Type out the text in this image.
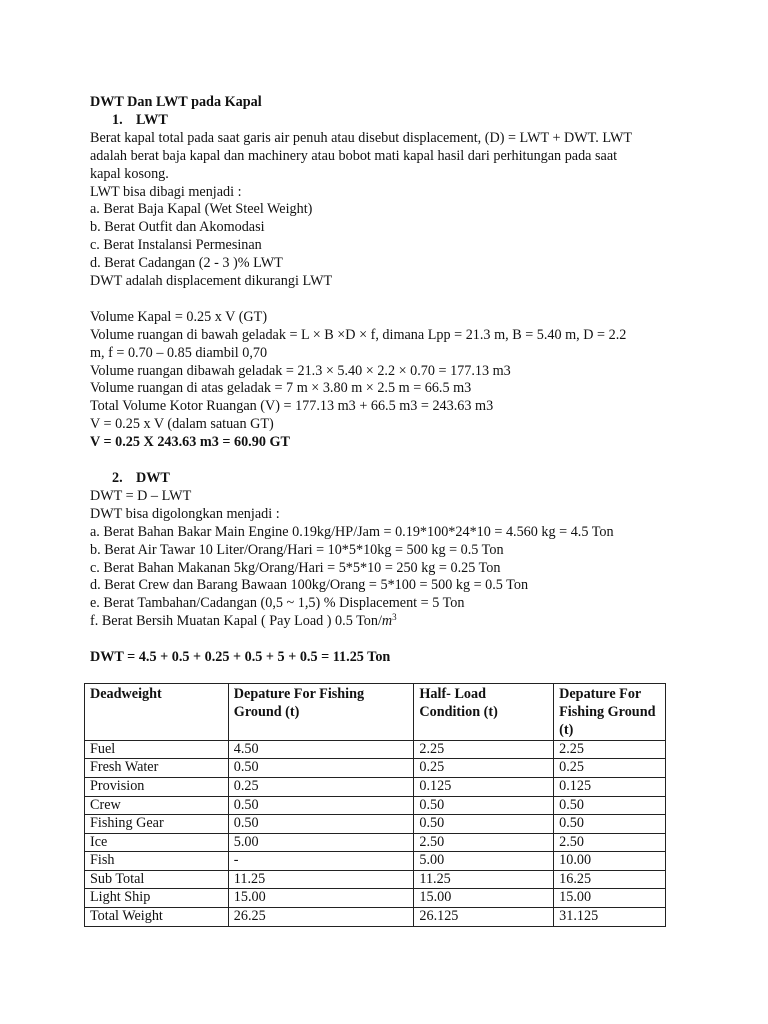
DWT Dan LWT pada Kapal

1. LWT

Berat kapal total pada saat garis air penuh atau disebut displacement, (D) = LWT + DWT. LWT

adalah berat baja kapal dan machinery atau bobot mati kapal hasil dari perhitungan pada saat

kapal kosong.

LWT bisa dibagi menjadi :

a. Berat Baja Kapal (Wet Steel Weight)

b. Berat Outfit dan Akomodasi

c. Berat Instalansi Permesinan

d. Berat Cadangan (2 - 3 )% LWT

DWT adalah displacement dikurangi LWT

Volume Kapal = 0.25 x V (GT)

Volume ruangan di bawah geladak = L × B ×D × f, dimana Lpp = 21.3 m, B = 5.40 m, D = 2.2

m, f = 0.70 – 0.85 diambil 0,70

Volume ruangan dibawah geladak = 21.3 × 5.40 × 2.2 × 0.70 = 177.13 m3

Volume ruangan di atas geladak = 7 m × 3.80 m × 2.5 m = 66.5 m3

Total Volume Kotor Ruangan (V) = 177.13 m3 + 66.5 m3 = 243.63 m3

V = 0.25 x V (dalam satuan GT)

V = 0.25 X 243.63 m3 = 60.90 GT

2. DWT

DWT = D – LWT

DWT bisa digolongkan menjadi :

a. Berat Bahan Bakar Main Engine 0.19kg/HP/Jam = 0.19*100*24*10 = 4.560 kg = 4.5 Ton

b. Berat Air Tawar 10 Liter/Orang/Hari = 10*5*10kg = 500 kg = 0.5 Ton

c. Berat Bahan Makanan 5kg/Orang/Hari = 5*5*10 = 250 kg = 0.25 Ton

d. Berat Crew dan Barang Bawaan 100kg/Orang = 5*100 = 500 kg = 0.5 Ton

e. Berat Tambahan/Cadangan (0,5 ~ 1,5) % Displacement = 5 Ton

f. Berat Bersih Muatan Kapal ( Pay Load ) 0.5 Ton/$m^3$

DWT = 4.5 + 0.5 + 0.25 + 0.5 + 5 + 0.5 = 11.25 Ton

Deadweight	Depature For Fishing Ground (t)	Half- Load Condition (t)	Depature For Fishing Ground (t)
Fuel	4.50	2.25	2.25
Fresh Water	0.50	0.25	0.25
Provision	0.25	0.125	0.125
Crew	0.50	0.50	0.50
Fishing Gear	0.50	0.50	0.50
Ice	5.00	2.50	2.50
Fish	-	5.00	10.00
Sub Total	11.25	11.25	16.25
Light Ship	15.00	15.00	15.00
Total Weight	26.25	26.125	31.125
